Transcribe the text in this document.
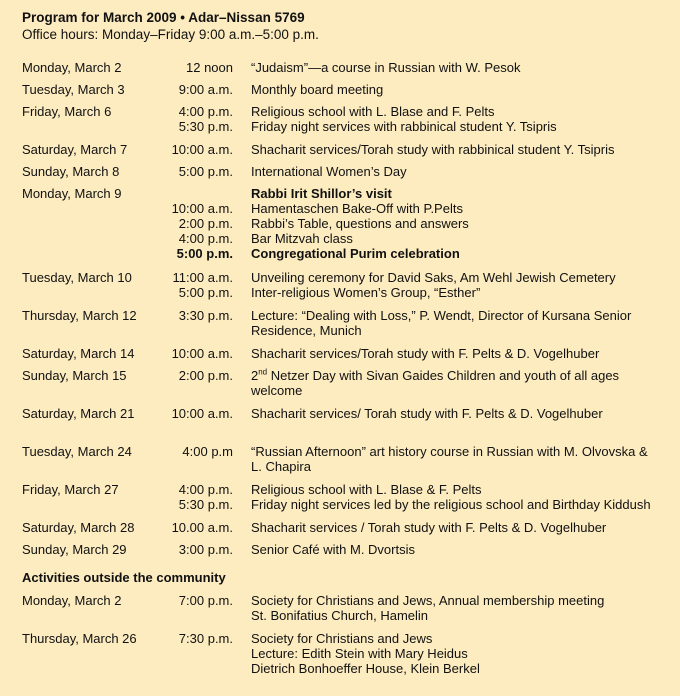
Program for March 2009 • Adar–Nissan 5769
Office hours: Monday–Friday 9:00 a.m.–5:00 p.m.
Monday, March 2	12 noon “Judaism”—a course in Russian with W. Pesok
Tuesday, March 3	9:00 a.m. Monthly board meeting
Friday, March 6	4:00 p.m. Religious school with L. Blase and F. Pelts
5:30 p.m. Friday night services with rabbinical student Y. Tsipris
Saturday, March 7	10:00 a.m. Shacharit services/Torah study with rabbinical student Y. Tsipris
Sunday, March 8	5:00 p.m. International Women’s Day
Monday, March 9	Rabbi Irit Shillor’s visit
10:00 a.m. Hamentaschen Bake-Off with P.Pelts
2:00 p.m. Rabbi’s Table, questions and answers
4:00 p.m. Bar Mitzvah class
5:00 p.m. Congregational Purim celebration
Tuesday, March 10	11:00 a.m. Unveiling ceremony for David Saks, Am Wehl Jewish Cemetery
5:00 p.m. Inter-religious Women’s Group, “Esther”
Thursday, March 12	3:30 p.m. Lecture: “Dealing with Loss,” P. Wendt, Director of Kursana Senior
Residence, Munich
Saturday, March 14	10:00 a.m. Shacharit services/Torah study with F. Pelts & D. Vogelhuber
Sunday, March 15	2:00 p.m. 2nd Netzer Day with Sivan Gaides Children and youth of all ages
welcome
Saturday, March 21	10:00 a.m. Shacharit services/ Torah study with F. Pelts & D. Vogelhuber
Tuesday, March 24	4:00 p.m “Russian Afternoon” art history course in Russian with M. Olvovska &
L. Chapira
Friday, March 27	4:00 p.m. Religious school with L. Blase & F. Pelts
5:30 p.m. Friday night services led by the religious school and Birthday Kiddush
Saturday, March 28	10.00 a.m. Shacharit services / Torah study with F. Pelts & D. Vogelhuber
Sunday, March 29	3:00 p.m. Senior Café with M. Dvortsis
Activities outside the community
Monday, March 2	7:00 p.m. Society for Christians and Jews, Annual membership meeting
St. Bonifatius Church, Hamelin
Thursday, March 26	7:30 p.m. Society for Christians and Jews
Lecture: Edith Stein with Mary Heidus
Dietrich Bonhoeffer House, Klein Berkel
